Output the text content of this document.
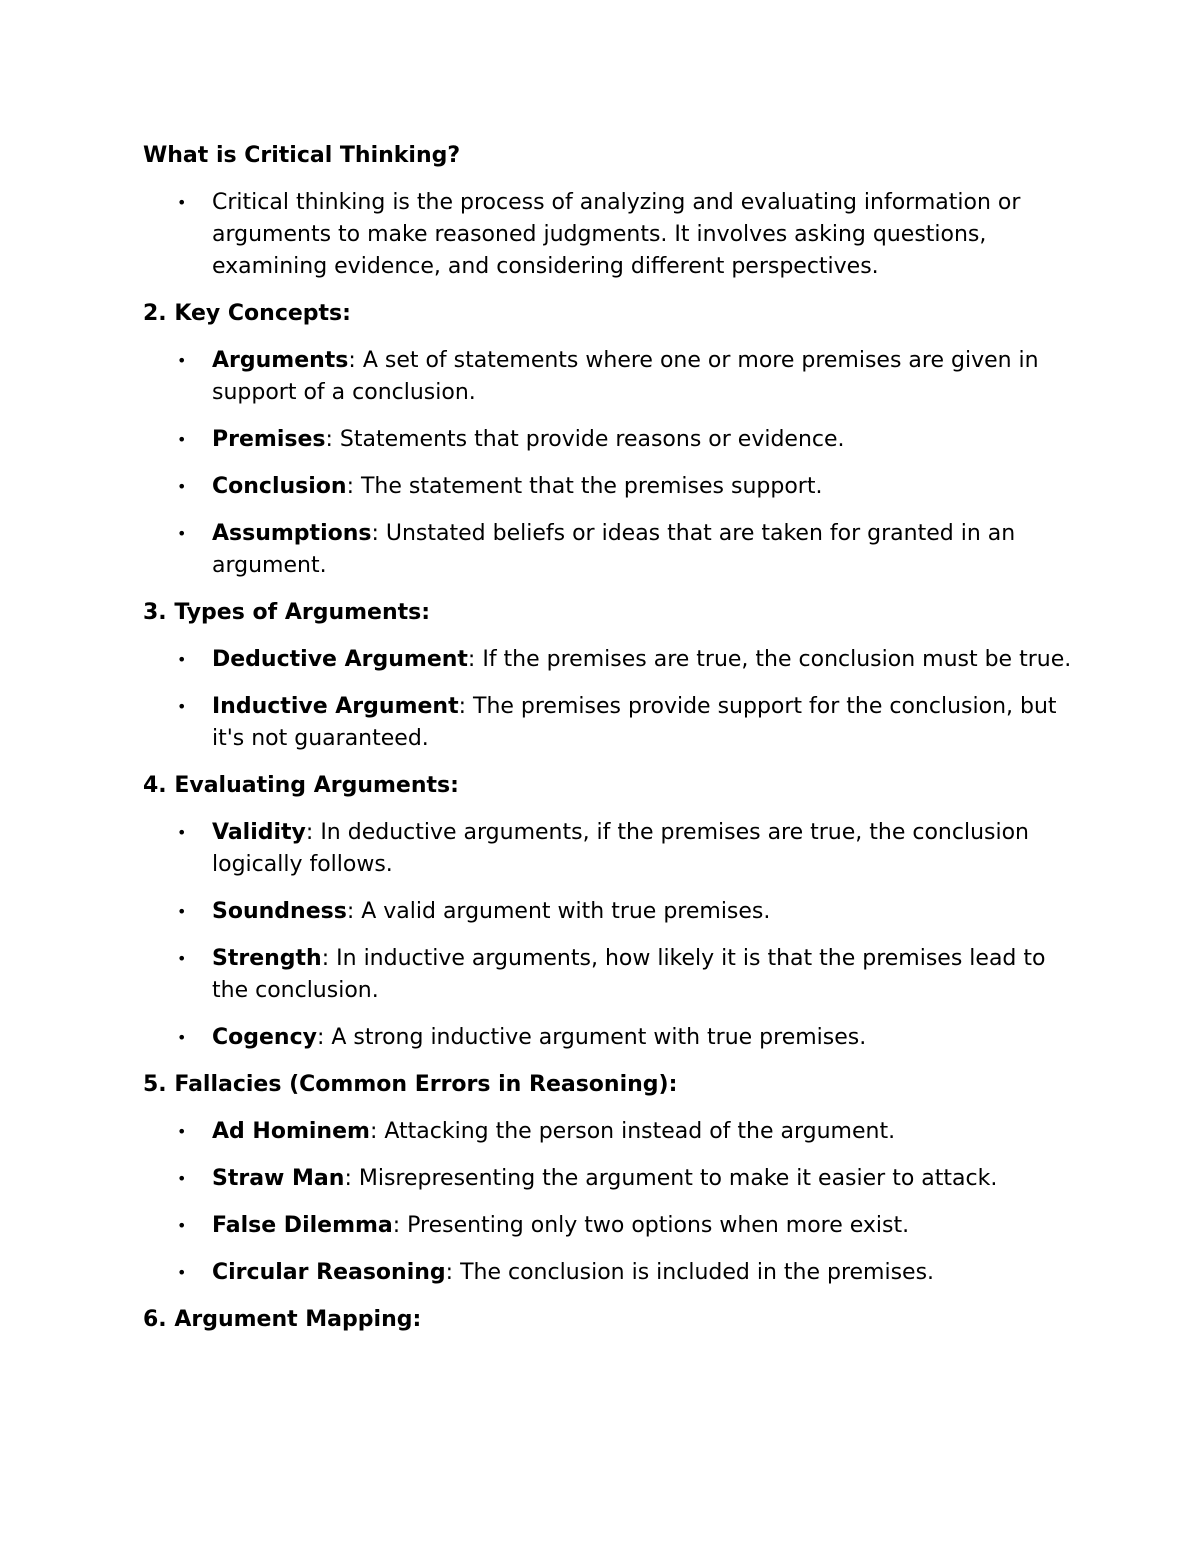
What is Critical Thinking?
• Critical thinking is the process of analyzing and evaluating information or arguments to make reasoned judgments. It involves asking questions, examining evidence, and considering different perspectives.
2. Key Concepts:
• Arguments: A set of statements where one or more premises are given in support of a conclusion.
• Premises: Statements that provide reasons or evidence.
• Conclusion: The statement that the premises support.
• Assumptions: Unstated beliefs or ideas that are taken for granted in an argument.
3. Types of Arguments:
• Deductive Argument: If the premises are true, the conclusion must be true.
• Inductive Argument: The premises provide support for the conclusion, but it's not guaranteed.
4. Evaluating Arguments:
• Validity: In deductive arguments, if the premises are true, the conclusion logically follows.
• Soundness: A valid argument with true premises.
• Strength: In inductive arguments, how likely it is that the premises lead to the conclusion.
• Cogency: A strong inductive argument with true premises.
5. Fallacies (Common Errors in Reasoning):
• Ad Hominem: Attacking the person instead of the argument.
• Straw Man: Misrepresenting the argument to make it easier to attack.
• False Dilemma: Presenting only two options when more exist.
• Circular Reasoning: The conclusion is included in the premises.
6. Argument Mapping:
